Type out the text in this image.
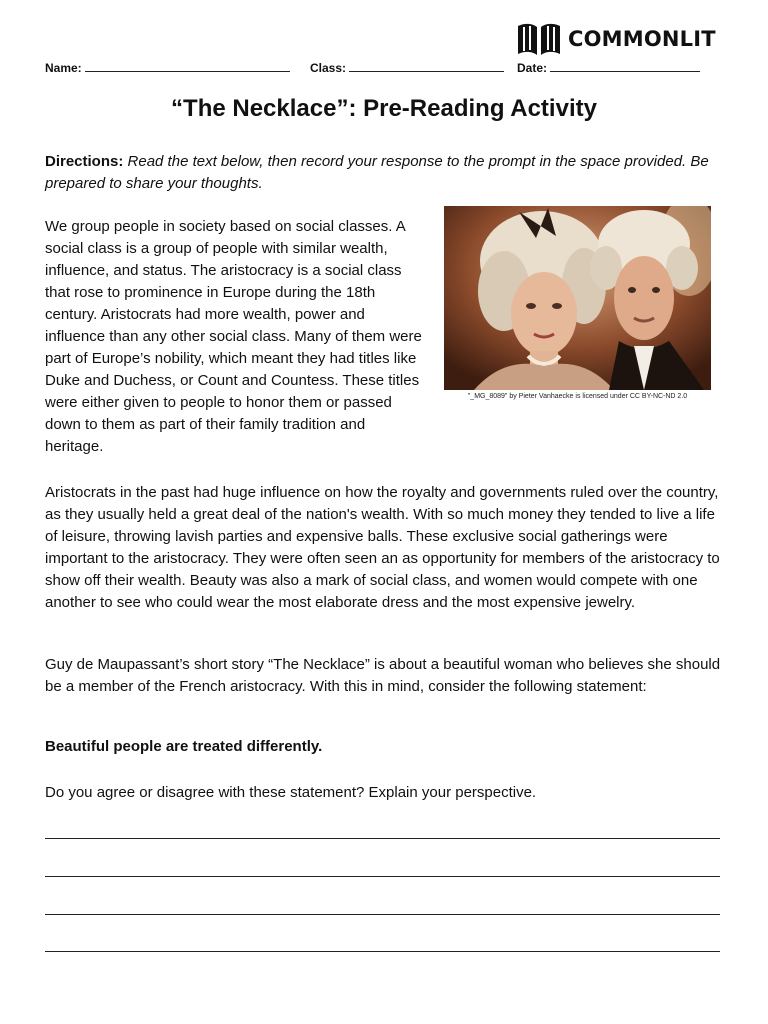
COMMONLIT
Name:	Class:	Date:
“The Necklace”: Pre-Reading Activity

Directions: Read the text below, then record your response to the prompt in the space provided. Be prepared to share your thoughts.

We group people in society based on social classes. A social class is a group of people with similar wealth, influence, and status. The aristocracy is a social class that rose to prominence in Europe during the 18th century. Aristocrats had more wealth, power and influence than any other social class. Many of them were part of Europe’s nobility, which meant they had titles like Duke and Duchess, or Count and Countess. These titles were either given to people to honor them or passed down to them as part of their family tradition and heritage.

"_MG_8089" by Pieter Vanhaecke is licensed under CC BY-NC-ND 2.0

Aristocrats in the past had huge influence on how the royalty and governments ruled over the country, as they usually held a great deal of the nation's wealth. With so much money they tended to live a life of leisure, throwing lavish parties and expensive balls. These exclusive social gatherings were important to the aristocracy. They were often seen an as opportunity for members of the aristocracy to show off their wealth. Beauty was also a mark of social class, and women would compete with one another to see who could wear the most elaborate dress and the most expensive jewelry.

Guy de Maupassant’s short story “The Necklace” is about a beautiful woman who believes she should be a member of the French aristocracy. With this in mind, consider the following statement:

Beautiful people are treated differently.

Do you agree or disagree with these statement? Explain your perspective.
